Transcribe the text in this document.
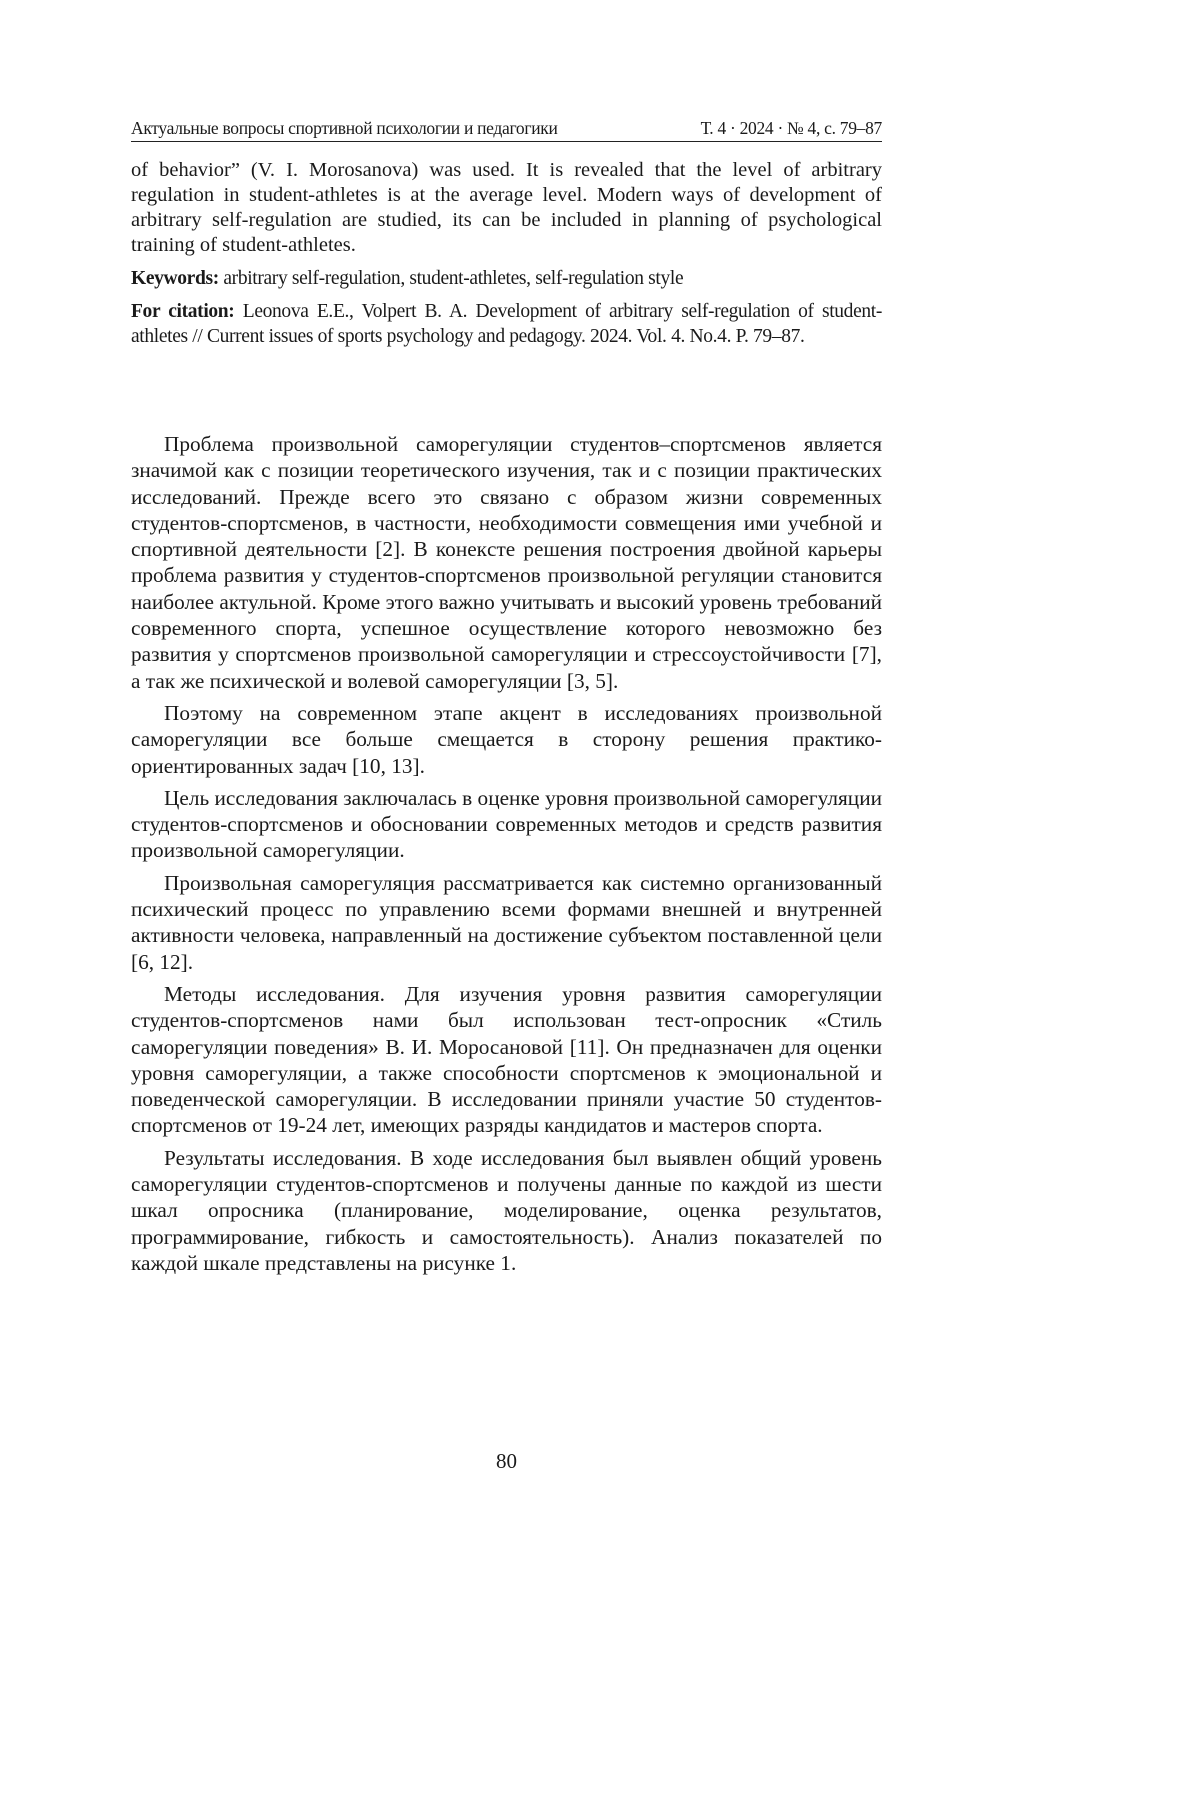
Актуальные вопросы спортивной психологии и педагогики	Т. 4 · 2024 · № 4, с. 79–87

of behavior” (V. I. Morosanova) was used. It is revealed that the level of arbitrary regulation in student-athletes is at the average level. Modern ways of development of arbitrary self-regulation are studied, its can be included in planning of psychological training of student-athletes.

Keywords: arbitrary self-regulation, student-athletes, self-regulation style

For citation: Leonova E.E., Volpert B. A. Development of arbitrary self-regulation of student-athletes // Current issues of sports psychology and pedagogy. 2024. Vol. 4. No.4. P. 79–87.

Проблема произвольной саморегуляции студентов–спортсменов является значимой как с позиции теоретического изучения, так и с позиции практических исследований. Прежде всего это связано с образом жизни современных студентов-спортсменов, в частности, необходимости совмещения ими учебной и спортивной деятельности [2]. В конекcте решения построения двойной карьеры проблема развития у студентов-спортсменов произвольной регуляции становится наиболее актульной. Кроме этого важно учитывать и высокий уровень требований современного спорта, успешное осуществление которого невозможно без развития у спортсменов произвольной саморегуляции и стрессоустойчивости [7], а так же психической и волевой саморегуляции [3, 5].

Поэтому на современном этапе акцент в исследованиях произвольной саморегуляции все больше смещается в сторону решения практико-ориентированных задач [10, 13].

Цель исследования заключалась в оценке уровня произвольной саморегуляции студентов-спортсменов и обосновании современных методов и средств развития произвольной саморегуляции.

Произвольная саморегуляция рассматривается как системно организованный психический процесс по управлению всеми формами внешней и внутренней активности человека, направленный на достижение субъектом поставленной цели [6, 12].

Методы исследования. Для изучения уровня развития саморегуляции студентов-спортсменов нами был использован тест-опросник «Стиль саморегуляции поведения» В. И. Моросановой [11]. Он предназначен для оценки уровня саморегуляции, а также способности спортсменов к эмоциональной и поведенческой саморегуляции. В исследовании приняли участие 50 студентов-спортсменов от 19-24 лет, имеющих разряды кандидатов и мастеров спорта.

Результаты исследования. В ходе исследования был выявлен общий уровень саморегуляции студентов-спортсменов и получены данные по каждой из шести шкал опросника (планирование, моделирование, оценка результатов, программирование, гибкость и самостоятельность). Анализ показателей по каждой шкале представлены на рисунке 1.

80
